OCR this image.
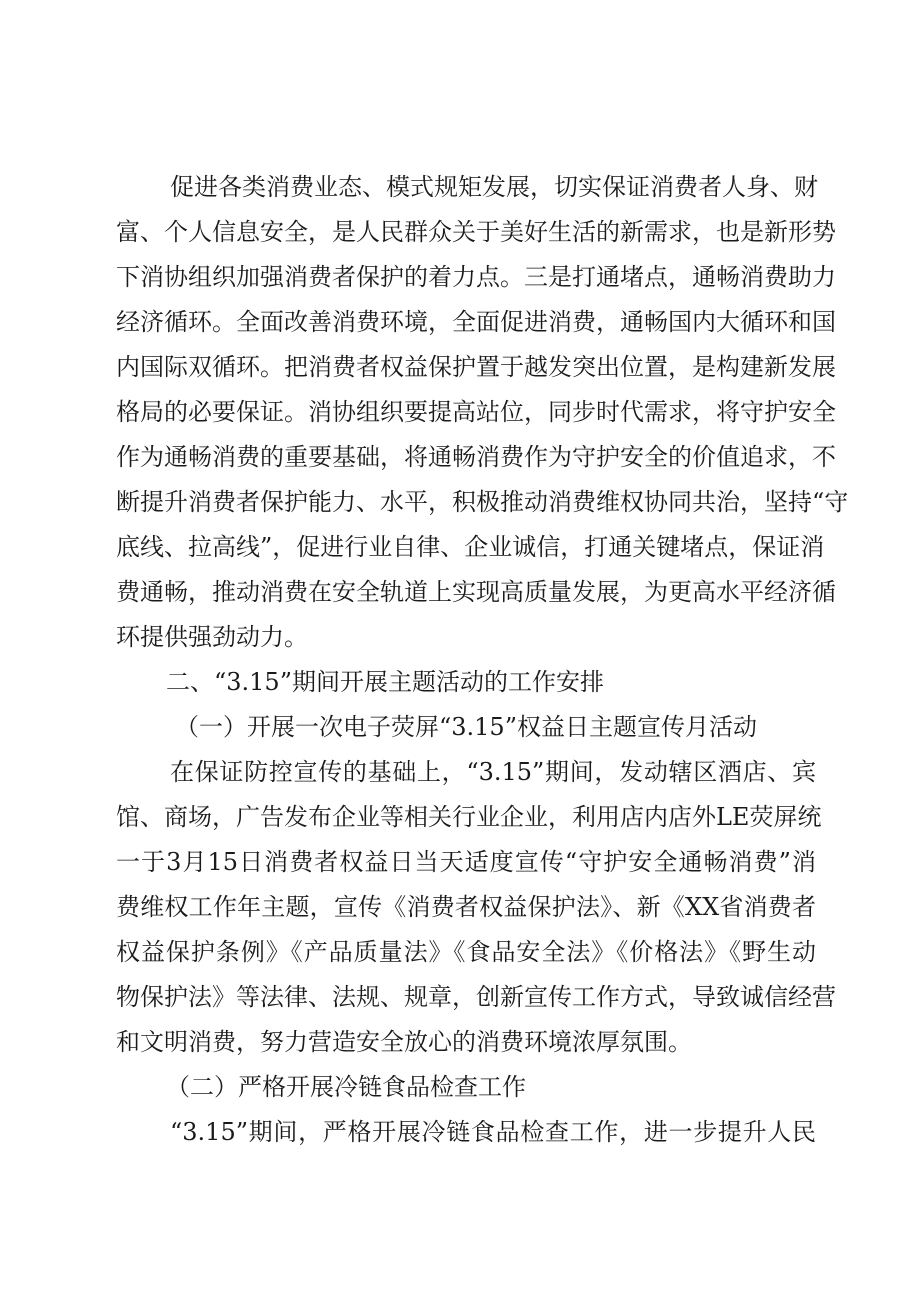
促进各类消费业态、模式规矩发展，切实保证消费者人身、财
富、个人信息安全，是人民群众关于美好生活的新需求，也是新形势
下消协组织加强消费者保护的着力点。三是打通堵点，通畅消费助力
经济循环。全面改善消费环境，全面促进消费，通畅国内大循环和国
内国际双循环。把消费者权益保护置于越发突出位置，是构建新发展
格局的必要保证。消协组织要提高站位，同步时代需求，将守护安全
作为通畅消费的重要基础，将通畅消费作为守护安全的价值追求，不
断提升消费者保护能力、水平，积极推动消费维权协同共治，坚持“守
底线、拉高线”，促进行业自律、企业诚信，打通关键堵点，保证消
费通畅，推动消费在安全轨道上实现高质量发展，为更高水平经济循
环提供强劲动力。
二、“3.15”期间开展主题活动的工作安排
（一）开展一次电子荧屏“3.15”权益日主题宣传月活动
在保证防控宣传的基础上，“3.15”期间，发动辖区酒店、宾
馆、商场，广告发布企业等相关行业企业，利用店内店外LE荧屏统
一于3月15日消费者权益日当天适度宣传“守护安全通畅消费”消
费维权工作年主题，宣传《消费者权益保护法》、新《XX省消费者
权益保护条例》《产品质量法》《食品安全法》《价格法》《野生动
物保护法》等法律、法规、规章，创新宣传工作方式，导致诚信经营
和文明消费，努力营造安全放心的消费环境浓厚氛围。
（二）严格开展冷链食品检查工作
“3.15”期间，严格开展冷链食品检查工作，进一步提升人民
